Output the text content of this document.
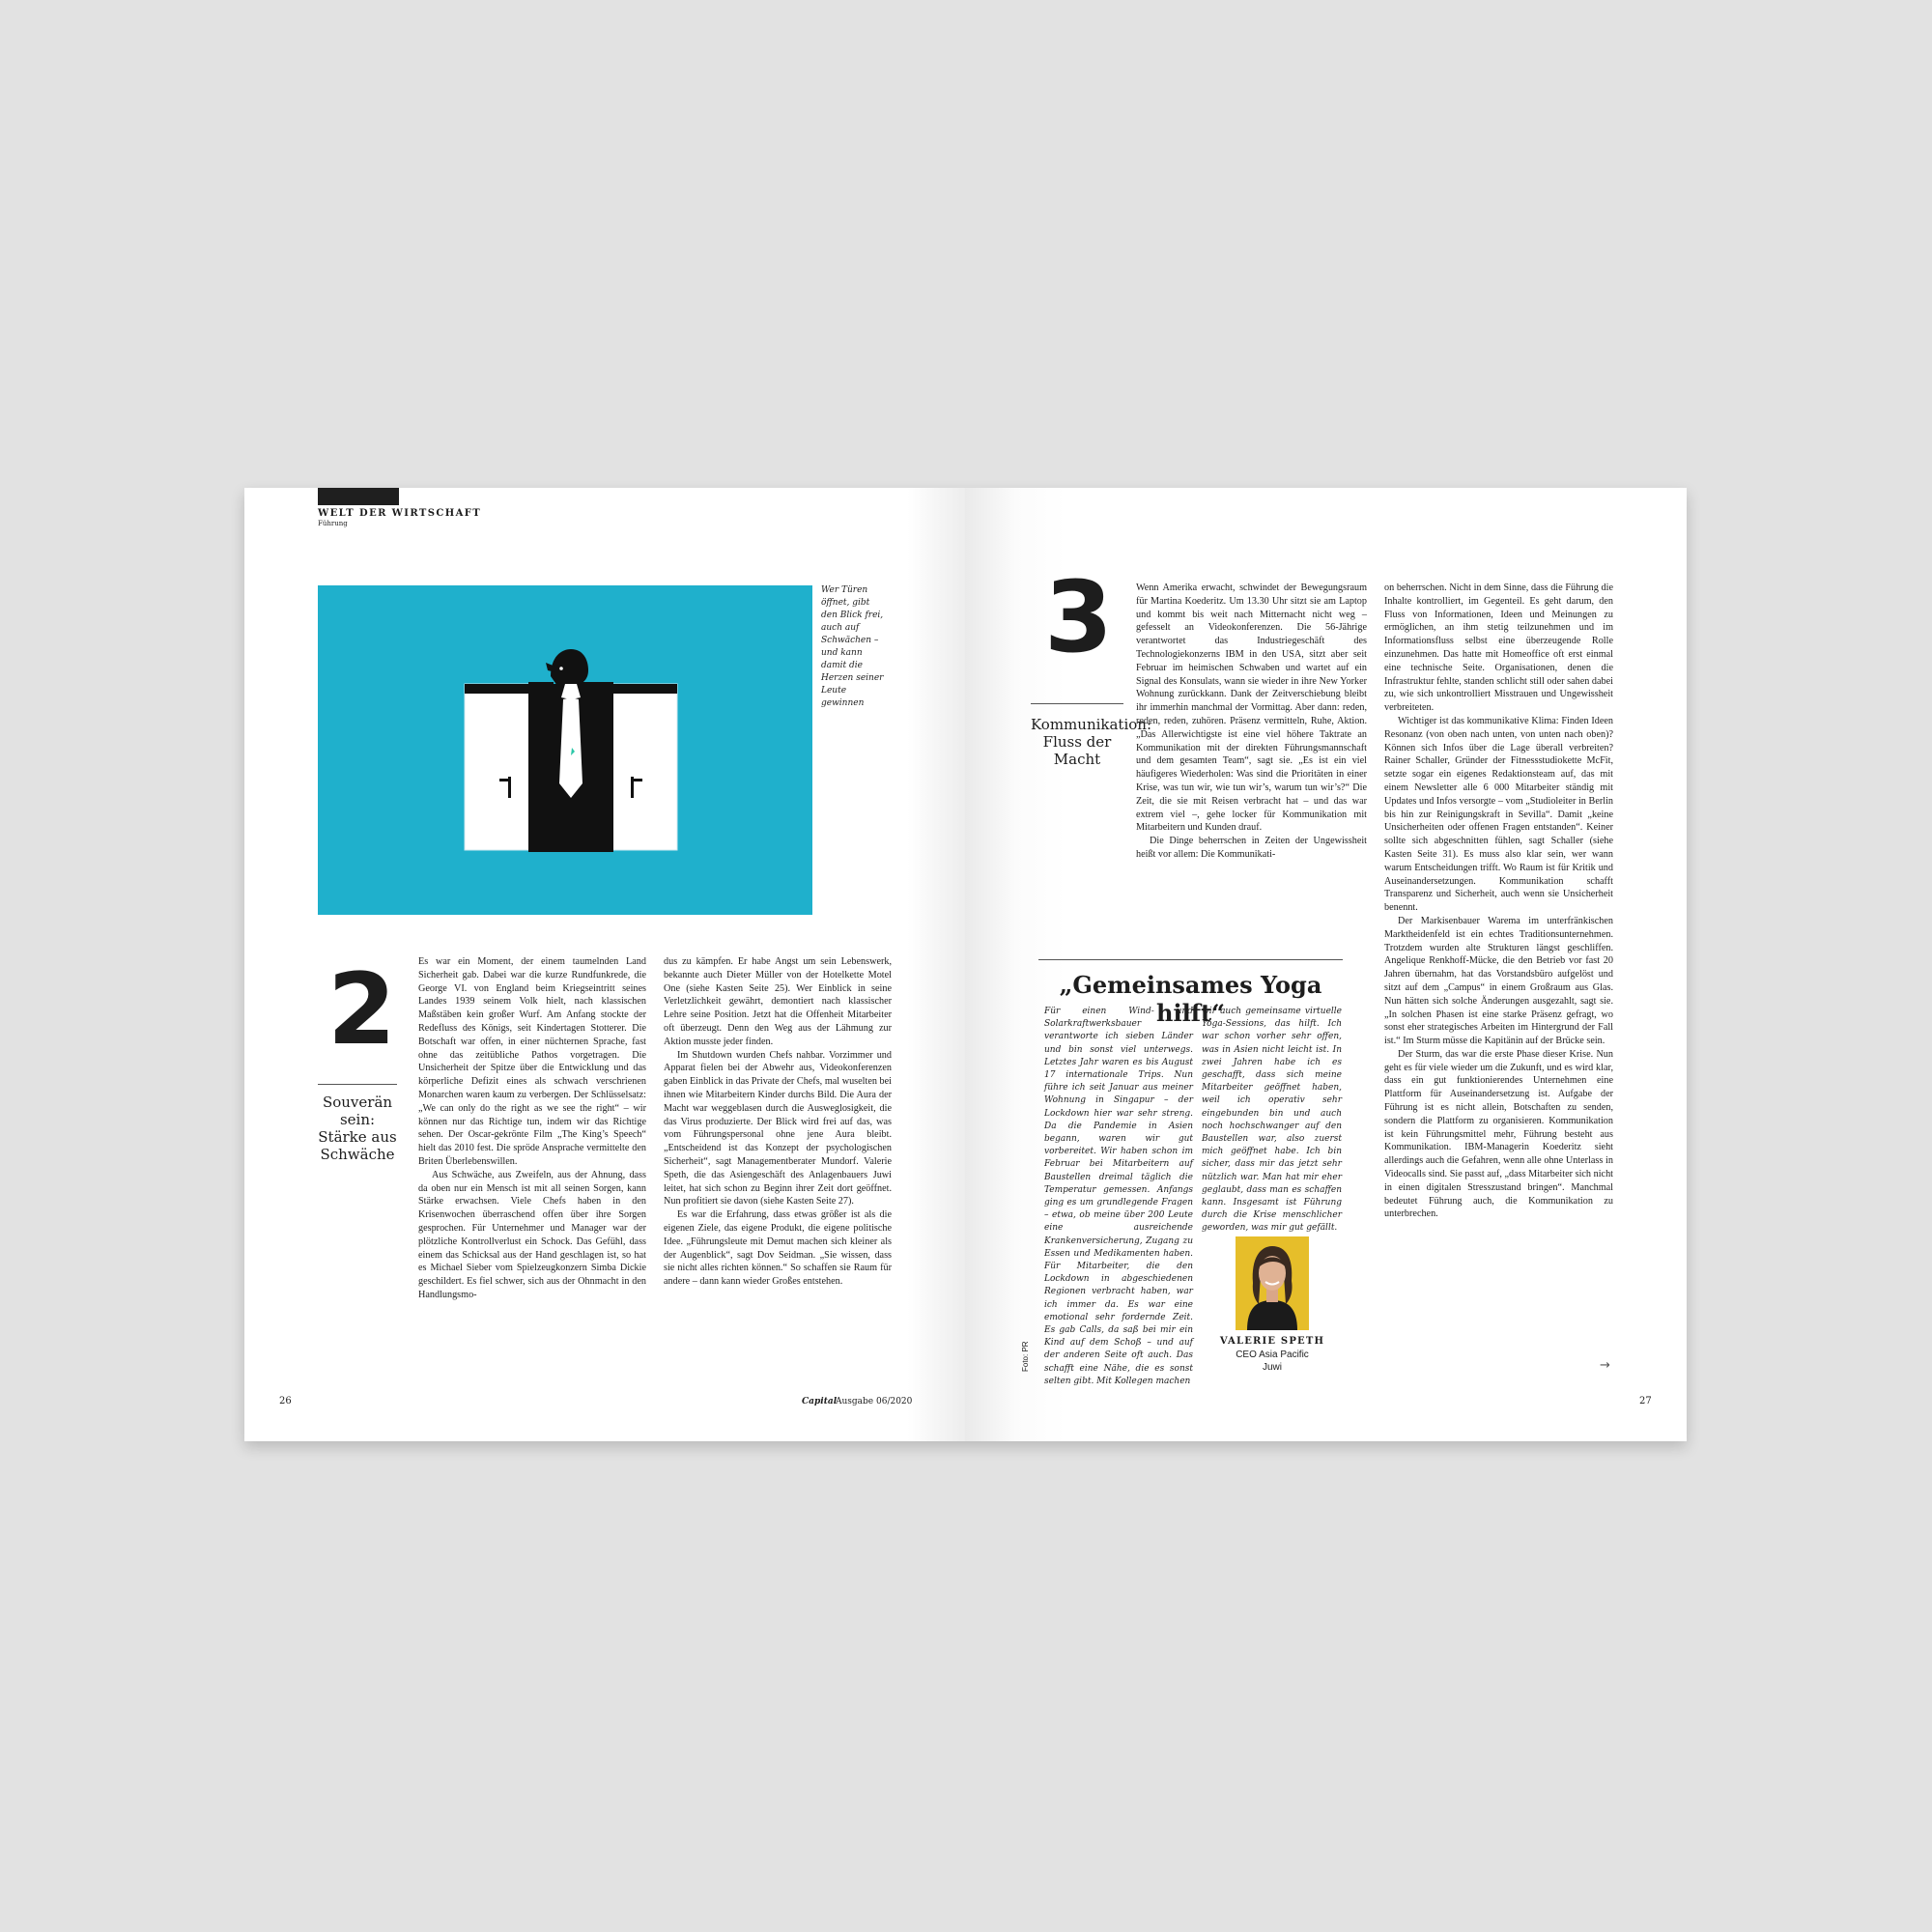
WELT DER WIRTSCHAFT
Führung
Wer Türen öffnet, gibt den Blick frei, auch auf Schwächen – und kann damit die Herzen seiner Leute gewinnen
2
Souverän sein: Stärke aus Schwäche

Es war ein Moment, der einem taumelnden Land Sicherheit gab. Dabei war die kurze Rundfunkrede, die George VI. von England beim Kriegseintritt seines Landes 1939 seinem Volk hielt, nach klassischen Maßstäben kein großer Wurf. Am Anfang stockte der Redefluss des Königs, seit Kindertagen Stotterer. Die Botschaft war offen, in einer nüchternen Sprache, fast ohne das zeitübliche Pathos vorgetragen. Die Unsicherheit der Spitze über die Entwicklung und das körperliche Defizit eines als schwach verschrienen Monarchen waren kaum zu verbergen. Der Schlüsselsatz: „We can only do the right as we see the right“ – wir können nur das Richtige tun, indem wir das Richtige sehen. Der Oscar-gekrönte Film „The King’s Speech“ hielt das 2010 fest. Die spröde Ansprache vermittelte den Briten Überlebenswillen.

Aus Schwäche, aus Zweifeln, aus der Ahnung, dass da oben nur ein Mensch ist mit all seinen Sorgen, kann Stärke erwachsen. Viele Chefs haben in den Krisenwochen überraschend offen über ihre Sorgen gesprochen. Für Unternehmer und Manager war der plötzliche Kontrollverlust ein Schock. Das Gefühl, dass einem das Schicksal aus der Hand geschlagen ist, so hat es Michael Sieber vom Spielzeugkonzern Simba Dickie geschildert. Es fiel schwer, sich aus der Ohnmacht in den Handlungsmo-

dus zu kämpfen. Er habe Angst um sein Lebenswerk, bekannte auch Dieter Müller von der Hotelkette Motel One (siehe Kasten Seite 25). Wer Einblick in seine Verletzlichkeit gewährt, demontiert nach klassischer Lehre seine Position. Jetzt hat die Offenheit Mitarbeiter oft überzeugt. Denn den Weg aus der Lähmung zur Aktion musste jeder finden.

Im Shutdown wurden Chefs nahbar. Vorzimmer und Apparat fielen bei der Abwehr aus, Videokonferenzen gaben Einblick in das Private der Chefs, mal wuselten bei ihnen wie Mitarbeitern Kinder durchs Bild. Die Aura der Macht war weggeblasen durch die Ausweglosigkeit, die das Virus produzierte. Der Blick wird frei auf das, was vom Führungspersonal ohne jene Aura bleibt. „Entscheidend ist das Konzept der psychologischen Sicherheit“, sagt Managementberater Mundorf. Valerie Speth, die das Asiengeschäft des Anlagenbauers Juwi leitet, hat sich schon zu Beginn ihrer Zeit dort geöffnet. Nun profitiert sie davon (siehe Kasten Seite 27).

Es war die Erfahrung, dass etwas größer ist als die eigenen Ziele, das eigene Produkt, die eigene politische Idee. „Führungsleute mit Demut machen sich kleiner als der Augenblick“, sagt Dov Seidman. „Sie wissen, dass sie nicht alles richten können.“ So schaffen sie Raum für andere – dann kann wieder Großes entstehen.

26	Capital
Ausgabe 06/2020
3
Kommunikation: Fluss der Macht

Wenn Amerika erwacht, schwindet der Bewegungsraum für Martina Koederitz. Um 13.30 Uhr sitzt sie am Laptop und kommt bis weit nach Mitternacht nicht weg – gefesselt an Videokonferenzen. Die 56-Jährige verantwortet das Industriegeschäft des Technologiekonzerns IBM in den USA, sitzt aber seit Februar im heimischen Schwaben und wartet auf ein Signal des Konsulats, wann sie wieder in ihre New Yorker Wohnung zurückkann. Dank der Zeitverschiebung bleibt ihr immerhin manchmal der Vormittag. Aber dann: reden, reden, reden, zuhören. Präsenz vermitteln, Ruhe, Aktion. „Das Allerwichtigste ist eine viel höhere Taktrate an Kommunikation mit der direkten Führungsmannschaft und dem gesamten Team“, sagt sie. „Es ist ein viel häufigeres Wiederholen: Was sind die Prioritäten in einer Krise, was tun wir, wie tun wir’s, warum tun wir’s?“ Die Zeit, die sie mit Reisen verbracht hat – und das war extrem viel –, gehe locker für Kommunikation mit Mitarbeitern und Kunden drauf.

Die Dinge beherrschen in Zeiten der Ungewissheit heißt vor allem: Die Kommunikati-

on beherrschen. Nicht in dem Sinne, dass die Führung die Inhalte kontrolliert, im Gegenteil. Es geht darum, den Fluss von Informationen, Ideen und Meinungen zu ermöglichen, an ihm stetig teilzunehmen und im Informationsfluss selbst eine überzeugende Rolle einzunehmen. Das hatte mit Homeoffice oft erst einmal eine technische Seite. Organisationen, denen die Infrastruktur fehlte, standen schlicht still oder sahen dabei zu, wie sich unkontrolliert Misstrauen und Ungewissheit verbreiteten.

Wichtiger ist das kommunikative Klima: Finden Ideen Resonanz (von oben nach unten, von unten nach oben)? Können sich Infos über die Lage überall verbreiten? Rainer Schaller, Gründer der Fitnessstudiokette McFit, setzte sogar ein eigenes Redaktionsteam auf, das mit einem Newsletter alle 6 000 Mitarbeiter ständig mit Updates und Infos versorgte – vom „Studioleiter in Berlin bis hin zur Reinigungskraft in Sevilla“. Damit „keine Unsicherheiten oder offenen Fragen entstanden“. Keiner sollte sich abgeschnitten fühlen, sagt Schaller (siehe Kasten Seite 31). Es muss also klar sein, wer wann warum Entscheidungen trifft. Wo Raum ist für Kritik und Auseinandersetzungen. Kommunikation schafft Transparenz und Sicherheit, auch wenn sie Unsicherheit benennt.

Der Markisenbauer Warema im unterfränkischen Marktheidenfeld ist ein echtes Traditionsunternehmen. Trotzdem wurden alte Strukturen längst geschliffen. Angelique Renkhoff-Mücke, die den Betrieb vor fast 20 Jahren übernahm, hat das Vorstandsbüro aufgelöst und sitzt auf dem „Campus“ in einem Großraum aus Glas. Nun hätten sich solche Änderungen ausgezahlt, sagt sie. „In solchen Phasen ist eine starke Präsenz gefragt, wo sonst eher strategisches Arbeiten im Hintergrund der Fall ist.“ Im Sturm müsse die Kapitänin auf der Brücke sein.

Der Sturm, das war die erste Phase dieser Krise. Nun geht es für viele wieder um die Zukunft, und es wird klar, dass ein gut funktionierendes Unternehmen eine Plattform für Auseinandersetzung ist. Aufgabe der Führung ist es nicht allein, Botschaften zu senden, sondern die Plattform zu organisieren. Kommunikation ist kein Führungsmittel mehr, Führung besteht aus Kommunikation. IBM-Managerin Koederitz sieht allerdings auch die Gefahren, wenn alle ohne Unterlass in Videocalls sind. Sie passt auf, „dass Mitarbeiter sich nicht in einen digitalen Stresszustand bringen“. Manchmal bedeutet Führung auch, die Kommunikation zu unterbrechen.

→
„Gemeinsames Yoga hilft“

Für einen Wind- und Solarkraftwerksbauer verantworte ich sieben Länder und bin sonst viel unterwegs. Letztes Jahr waren es bis August 17 internationale Trips. Nun führe ich seit Januar aus meiner Wohnung in Singapur – der Lockdown hier war sehr streng. Da die Pandemie in Asien begann, waren wir gut vorbereitet. Wir haben schon im Februar bei Mitarbeitern auf Baustellen dreimal täglich die Temperatur gemessen. Anfangs ging es um grundlegende Fragen – etwa, ob meine über 200 Leute eine ausreichende Krankenversicherung, Zugang zu Essen und Medikamenten haben. Für Mitarbeiter, die den Lockdown in abgeschiedenen Regionen verbracht haben, war ich immer da. Es war eine emotional sehr fordernde Zeit. Es gab Calls, da saß bei mir ein Kind auf dem Schoß – und auf der anderen Seite oft auch. Das schafft eine Nähe, die es sonst selten gibt. Mit Kollegen machen

wir auch gemeinsame virtuelle Yoga-Sessions, das hilft. Ich war schon vorher sehr offen, was in Asien nicht leicht ist. In zwei Jahren habe ich es geschafft, dass sich meine Mitarbeiter geöffnet haben, weil ich operativ sehr eingebunden bin und auch noch hochschwanger auf den Baustellen war, also zuerst mich geöffnet habe. Ich bin sicher, dass mir das jetzt sehr nützlich war. Man hat mir eher geglaubt, dass man es schaffen kann. Insgesamt ist Führung durch die Krise menschlicher geworden, was mir gut gefällt.

Foto: PR	VALERIE SPETH
CEO Asia Pacific
Juwi
27
